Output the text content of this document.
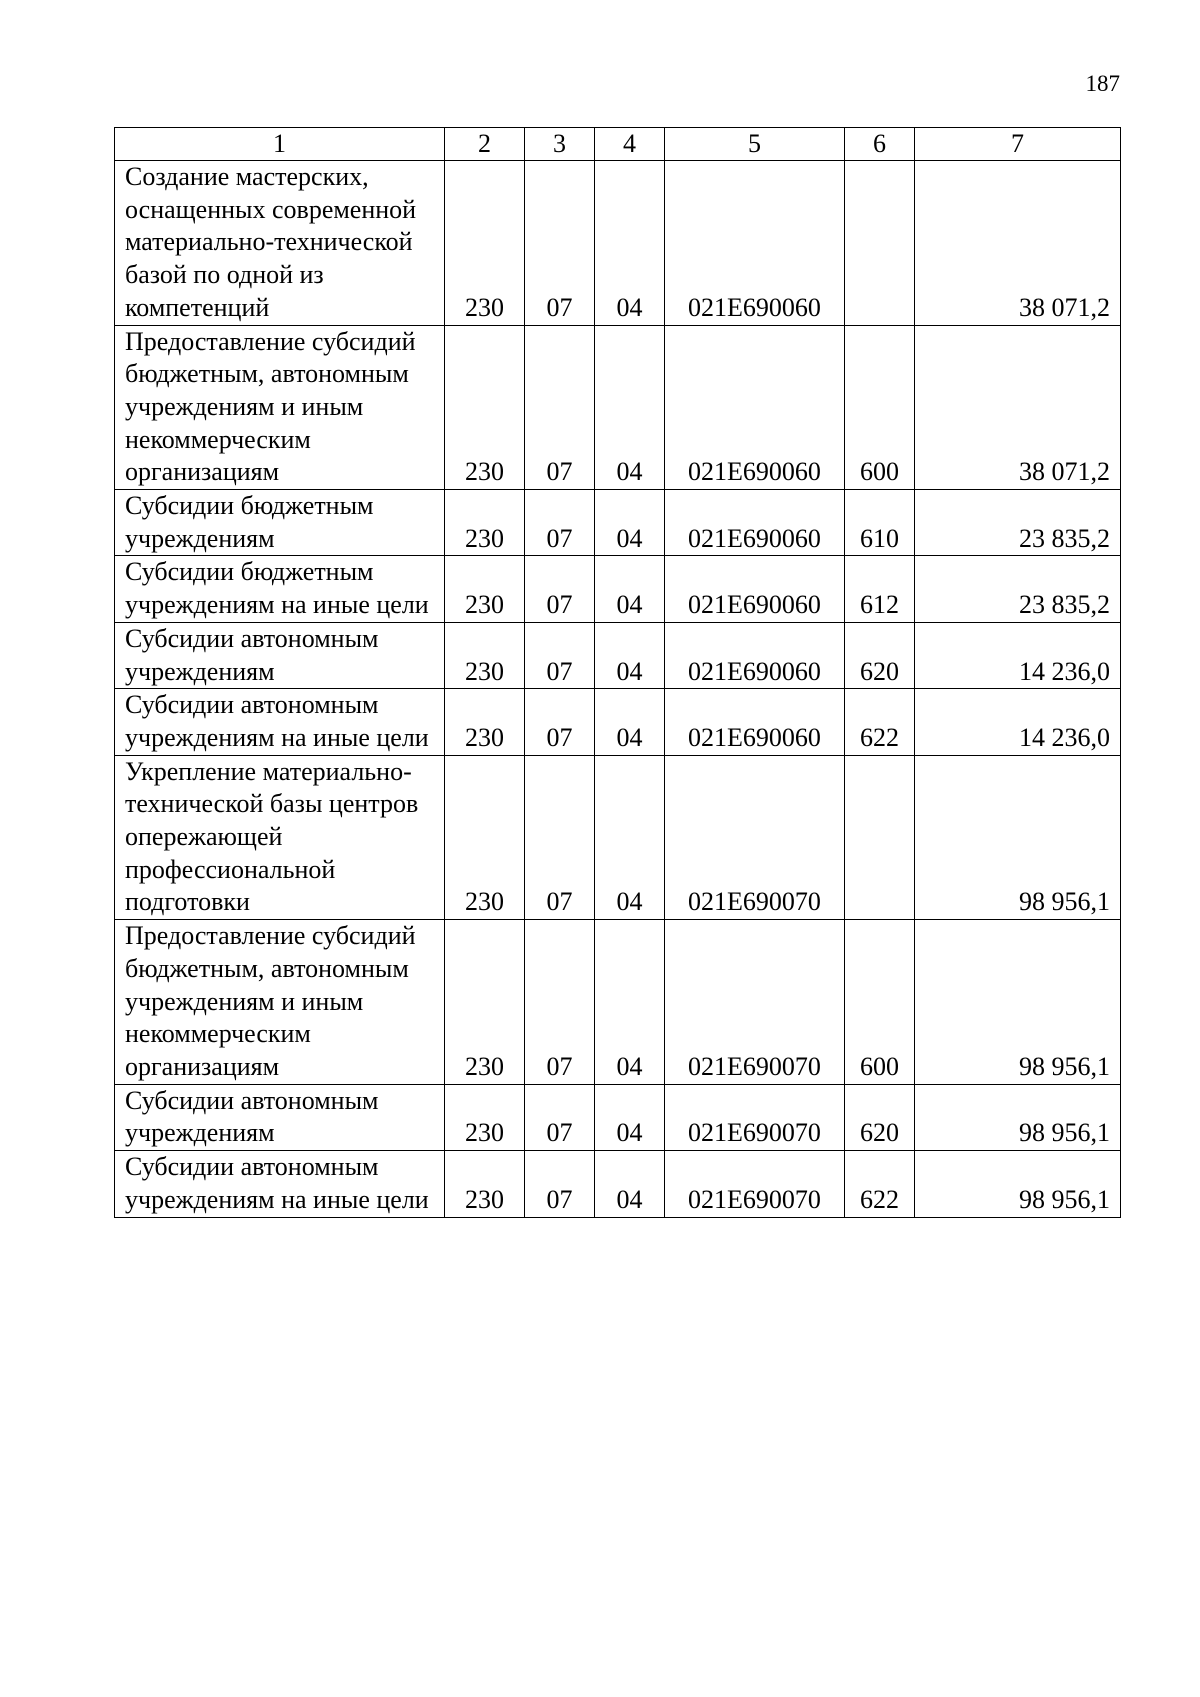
187
1	2	3	4	5	6	7
Создание мастерских, оснащенных современной материально-технической базой по одной из компетенций	230	07	04	021E690060		38 071,2
Предоставление субсидий бюджетным, автономным учреждениям и иным некоммерческим организациям	230	07	04	021E690060	600	38 071,2
Субсидии бюджетным учреждениям	230	07	04	021E690060	610	23 835,2
Субсидии бюджетным учреждениям на иные цели	230	07	04	021E690060	612	23 835,2
Субсидии автономным учреждениям	230	07	04	021E690060	620	14 236,0
Субсидии автономным учреждениям на иные цели	230	07	04	021E690060	622	14 236,0
Укрепление материально-технической базы центров опережающей профессиональной подготовки	230	07	04	021E690070		98 956,1
Предоставление субсидий бюджетным, автономным учреждениям и иным некоммерческим организациям	230	07	04	021E690070	600	98 956,1
Субсидии автономным учреждениям	230	07	04	021E690070	620	98 956,1
Субсидии автономным учреждениям на иные цели	230	07	04	021E690070	622	98 956,1
